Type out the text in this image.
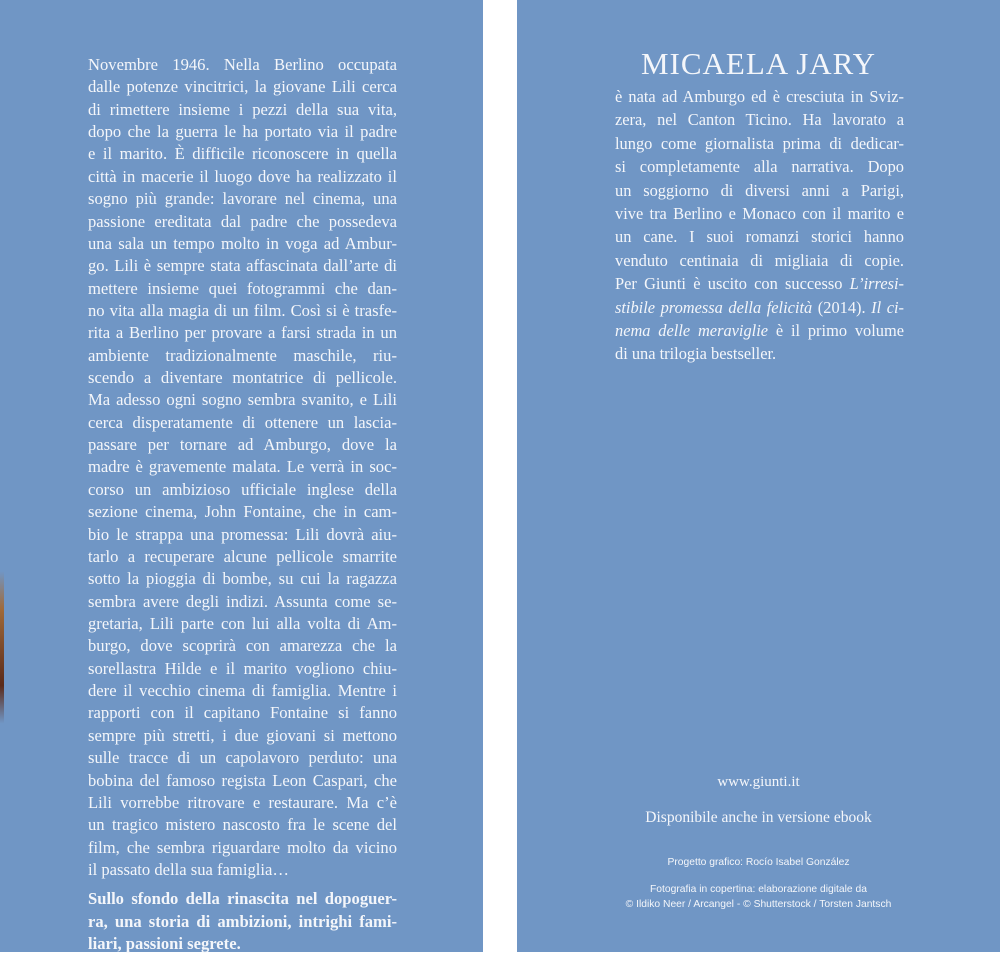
Novembre 1946. Nella Berlino occupata
dalle potenze vincitrici, la giovane Lili cerca
di rimettere insieme i pezzi della sua vita,
dopo che la guerra le ha portato via il padre
e il marito. È difficile riconoscere in quella
città in macerie il luogo dove ha realizzato il
sogno più grande: lavorare nel cinema, una
passione ereditata dal padre che possedeva
una sala un tempo molto in voga ad Ambur-
go. Lili è sempre stata affascinata dall’arte di
mettere insieme quei fotogrammi che dan-
no vita alla magia di un film. Così si è trasfe-
rita a Berlino per provare a farsi strada in un
ambiente tradizionalmente maschile, riu-
scendo a diventare montatrice di pellicole.
Ma adesso ogni sogno sembra svanito, e Lili
cerca disperatamente di ottenere un lascia-
passare per tornare ad Amburgo, dove la
madre è gravemente malata. Le verrà in soc-
corso un ambizioso ufficiale inglese della
sezione cinema, John Fontaine, che in cam-
bio le strappa una promessa: Lili dovrà aiu-
tarlo a recuperare alcune pellicole smarrite
sotto la pioggia di bombe, su cui la ragazza
sembra avere degli indizi. Assunta come se-
gretaria, Lili parte con lui alla volta di Am-
burgo, dove scoprirà con amarezza che la
sorellastra Hilde e il marito vogliono chiu-
dere il vecchio cinema di famiglia. Mentre i
rapporti con il capitano Fontaine si fanno
sempre più stretti, i due giovani si mettono
sulle tracce di un capolavoro perduto: una
bobina del famoso regista Leon Caspari, che
Lili vorrebbe ritrovare e restaurare. Ma c’è
un tragico mistero nascosto fra le scene del
film, che sembra riguardare molto da vicino
il passato della sua famiglia…
Sullo sfondo della rinascita nel dopoguer-
ra, una storia di ambizioni, intrighi fami-
liari, passioni segrete.
MICAELA JARY
è nata ad Amburgo ed è cresciuta in Sviz-
zera, nel Canton Ticino. Ha lavorato a
lungo come giornalista prima di dedicar-
si completamente alla narrativa. Dopo
un soggiorno di diversi anni a Parigi,
vive tra Berlino e Monaco con il marito e
un cane. I suoi romanzi storici hanno
venduto centinaia di migliaia di copie.
Per Giunti è uscito con successo L’irresi-
stibile promessa della felicità (2014). Il ci-
nema delle meraviglie è il primo volume
di una trilogia bestseller.
www.giunti.it
Disponibile anche in versione ebook
Progetto grafico: Rocío Isabel González
Fotografia in copertina: elaborazione digitale da
© Ildiko Neer / Arcangel - © Shutterstock / Torsten Jantsch
